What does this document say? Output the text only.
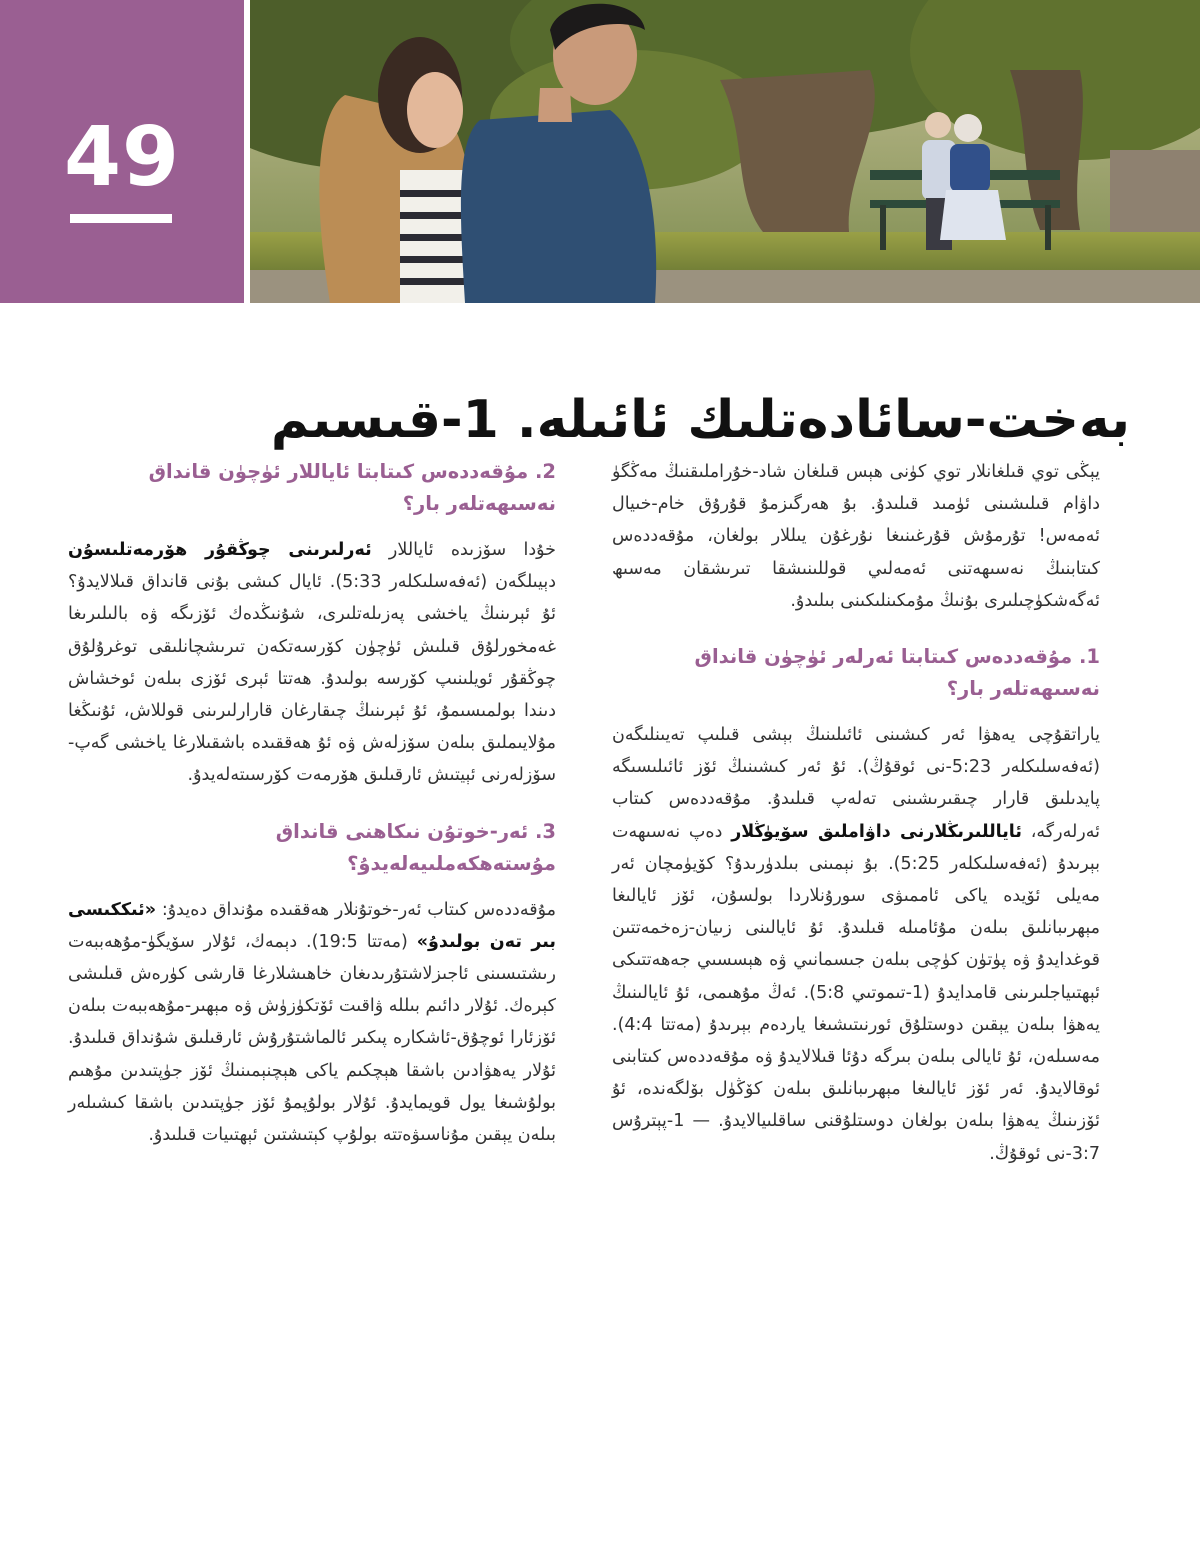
49
بەخت-سائادەتلىك ئائىلە. 1-قىسىم

يېڭى توي قىلغانلار توي كۈنى ھېس قىلغان شاد-خۇراملىقنىڭ مەڭگۈ داۋام قىلىشىنى ئۈمىد قىلىدۇ. بۇ ھەرگىزمۇ قۇرۇق خام-خىيال ئەمەس! تۇرمۇش قۇرغىنىغا نۇرغۇن يىللار بولغان، مۇقەددەس كىتابنىڭ نەسىھەتنى ئەمەلىي قوللىنىشقا تىرىشقان مەسىھ ئەگەشكۈچىلىرى بۇنىڭ مۇمكىنلىكىنى بىلىدۇ.

1. مۇقەددەس كىتابتا ئەرلەر ئۈچۈن قانداق نەسىھەتلەر بار؟

ياراتقۇچى يەھۋا ئەر كىشىنى ئائىلىنىڭ بېشى قىلىپ تەيىنلىگەن (ئەفەسلىكلەر 5:23-نى ئوقۇڭ). ئۇ ئەر كىشىنىڭ ئۆز ئائىلىسىگە پايدىلىق قارار چىقىرىشىنى تەلەپ قىلىدۇ. مۇقەددەس كىتاب ئەرلەرگە، ئاياللىرىڭلارنى داۋاملىق سۆيۈڭلار دەپ نەسىھەت بېرىدۇ (ئەفەسلىكلەر 5:25). بۇ نېمىنى بىلدۈرىدۇ؟ كۆيۈمچان ئەر مەيلى ئۆيدە ياكى ئاممىۋى سورۇنلاردا بولسۇن، ئۆز ئايالىغا مېھرىبانلىق بىلەن مۇئامىلە قىلىدۇ. ئۇ ئايالىنى زىيان-زەخمەتتىن قوغدايدۇ ۋە پۈتۈن كۈچى بىلەن جىسمانىي ۋە ھېسسىي جەھەتتىكى ئېھتىياجلىرىنى قامدايدۇ (1-تىموتىي 5:8). ئەڭ مۇھىمى، ئۇ ئايالىنىڭ يەھۋا بىلەن يېقىن دوستلۇق ئورنىتىشىغا ياردەم بېرىدۇ (مەتتا 4:4). مەسىلەن، ئۇ ئايالى بىلەن بىرگە دۇئا قىلالايدۇ ۋە مۇقەددەس كىتابنى ئوقالايدۇ. ئەر ئۆز ئايالىغا مېھرىبانلىق بىلەن كۆڭۈل بۆلگەندە، ئۇ ئۆزىنىڭ يەھۋا بىلەن بولغان دوستلۇقنى ساقلىيالايدۇ. — 1-پېترۇس 3:7-نى ئوقۇڭ.

2. مۇقەددەس كىتابتا ئاياللار ئۈچۈن قانداق نەسىھەتلەر بار؟

خۇدا سۆزىدە ئاياللار ئەرلىرىنى چوڭقۇر ھۆرمەتلىسۇن دېيىلگەن (ئەفەسلىكلەر 5:33). ئايال كىشى بۇنى قانداق قىلالايدۇ؟ ئۇ ئېرىنىڭ ياخشى پەزىلەتلىرى، شۇنىڭدەك ئۆزىگە ۋە بالىلىرىغا غەمخورلۇق قىلىش ئۈچۈن كۆرسەتكەن تىرىشچانلىقى توغرۇلۇق چوڭقۇر ئويلىنىپ كۆرسە بولىدۇ. ھەتتا ئېرى ئۆزى بىلەن ئوخشاش دىندا بولمىسىمۇ، ئۇ ئېرىنىڭ چىقارغان قارارلىرىنى قوللاش، ئۇنىڭغا مۇلايىملىق بىلەن سۆزلەش ۋە ئۇ ھەققىدە باشقىلارغا ياخشى گەپ-سۆزلەرنى ئېيتىش ئارقىلىق ھۆرمەت كۆرسىتەلەيدۇ.

3. ئەر-خوتۇن نىكاھنى قانداق مۇستەھكەملىيەلەيدۇ؟

مۇقەددەس كىتاب ئەر-خوتۇنلار ھەققىدە مۇنداق دەيدۇ: «ئىككىسى بىر تەن بولىدۇ» (مەتتا 19:5). دېمەك، ئۇلار سۆيگۈ-مۇھەببەت رىشتىسىنى ئاجىزلاشتۇرىدىغان خاھىشلارغا قارشى كۈرەش قىلىشى كېرەك. ئۇلار دائىم بىللە ۋاقىت ئۆتكۈزۈش ۋە مېھىر-مۇھەببەت بىلەن ئۆزئارا ئوچۇق-ئاشكارە پىكىر ئالماشتۇرۇش ئارقىلىق شۇنداق قىلىدۇ. ئۇلار يەھۋادىن باشقا ھېچكىم ياكى ھېچنېمىنىڭ ئۆز جۈپتىدىن مۇھىم بولۇشىغا يول قويمايدۇ. ئۇلار بولۇپمۇ ئۆز جۈپتىدىن باشقا كىشىلەر بىلەن يېقىن مۇناسىۋەتتە بولۇپ كېتىشتىن ئېھتىيات قىلىدۇ.
